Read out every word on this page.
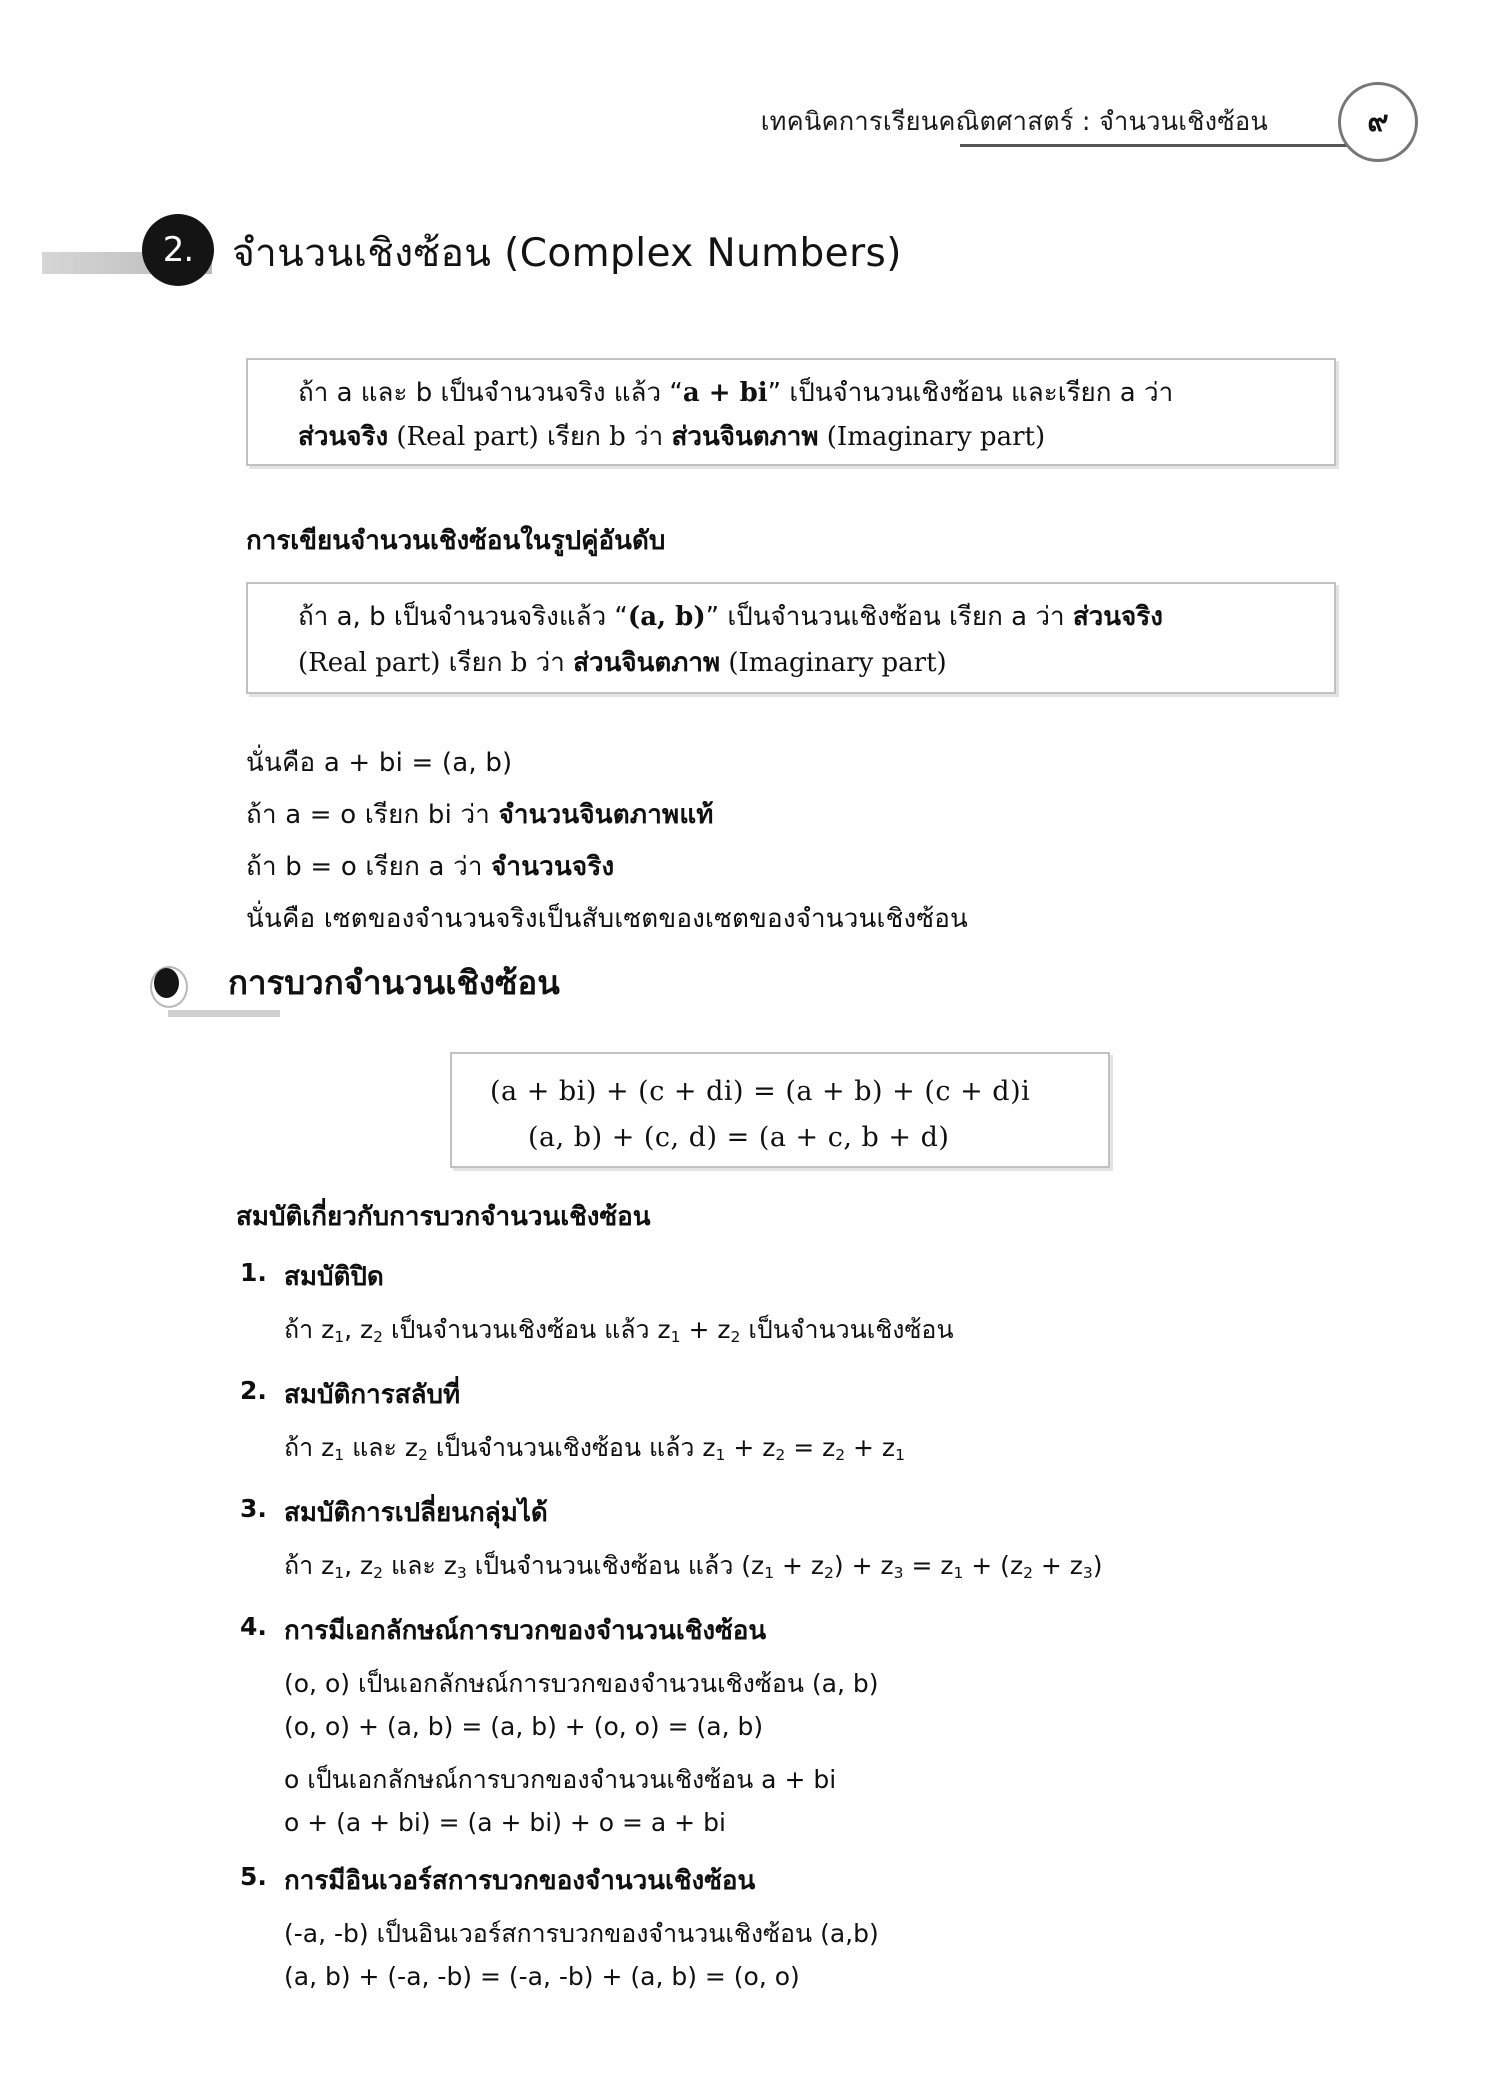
เทคนิคการเรียนคณิตศาสตร์ : จำนวนเชิงซ้อน	๙
2. จำนวนเชิงซ้อน (Complex Numbers)
ถ้า a และ b เป็นจำนวนจริง แล้ว “a + bi” เป็นจำนวนเชิงซ้อน และเรียก a ว่า
ส่วนจริง (Real part) เรียก b ว่า ส่วนจินตภาพ (Imaginary part)
การเขียนจำนวนเชิงซ้อนในรูปคู่อันดับ
ถ้า a, b เป็นจำนวนจริงแล้ว “(a, b)” เป็นจำนวนเชิงซ้อน เรียก a ว่า ส่วนจริง
(Real part) เรียก b ว่า ส่วนจินตภาพ (Imaginary part)
นั่นคือ a + bi = (a, b)
ถ้า a = o เรียก bi ว่า จำนวนจินตภาพแท้
ถ้า b = o เรียก a ว่า จำนวนจริง
นั่นคือ เซตของจำนวนจริงเป็นสับเซตของเซตของจำนวนเชิงซ้อน
การบวกจำนวนเชิงซ้อน
(a + bi) + (c + di) = (a + b) + (c + d)i
(a, b) + (c, d) = (a + c, b + d)
สมบัติเกี่ยวกับการบวกจำนวนเชิงซ้อน
1. สมบัติปิด
ถ้า $z_1$, $z_2$ เป็นจำนวนเชิงซ้อน แล้ว $z_1 + z_2$ เป็นจำนวนเชิงซ้อน
2. สมบัติการสลับที่
ถ้า $z_1$ และ $z_2$ เป็นจำนวนเชิงซ้อน แล้ว $z_1 + z_2 = z_2 + z_1$
3. สมบัติการเปลี่ยนกลุ่มได้
ถ้า $z_1$, $z_2$ และ $z_3$ เป็นจำนวนเชิงซ้อน แล้ว $(z_1 + z_2) + z_3 = z_1 + (z_2 + z_3)$
4. การมีเอกลักษณ์การบวกของจำนวนเชิงซ้อน
(o, o) เป็นเอกลักษณ์การบวกของจำนวนเชิงซ้อน (a, b)
(o, o) + (a, b) = (a, b) + (o, o) = (a, b)
o เป็นเอกลักษณ์การบวกของจำนวนเชิงซ้อน a + bi
o + (a + bi) = (a + bi) + o = a + bi
5. การมีอินเวอร์สการบวกของจำนวนเชิงซ้อน
(-a, -b) เป็นอินเวอร์สการบวกของจำนวนเชิงซ้อน (a,b)
(a, b) + (-a, -b) = (-a, -b) + (a, b) = (o, o)
